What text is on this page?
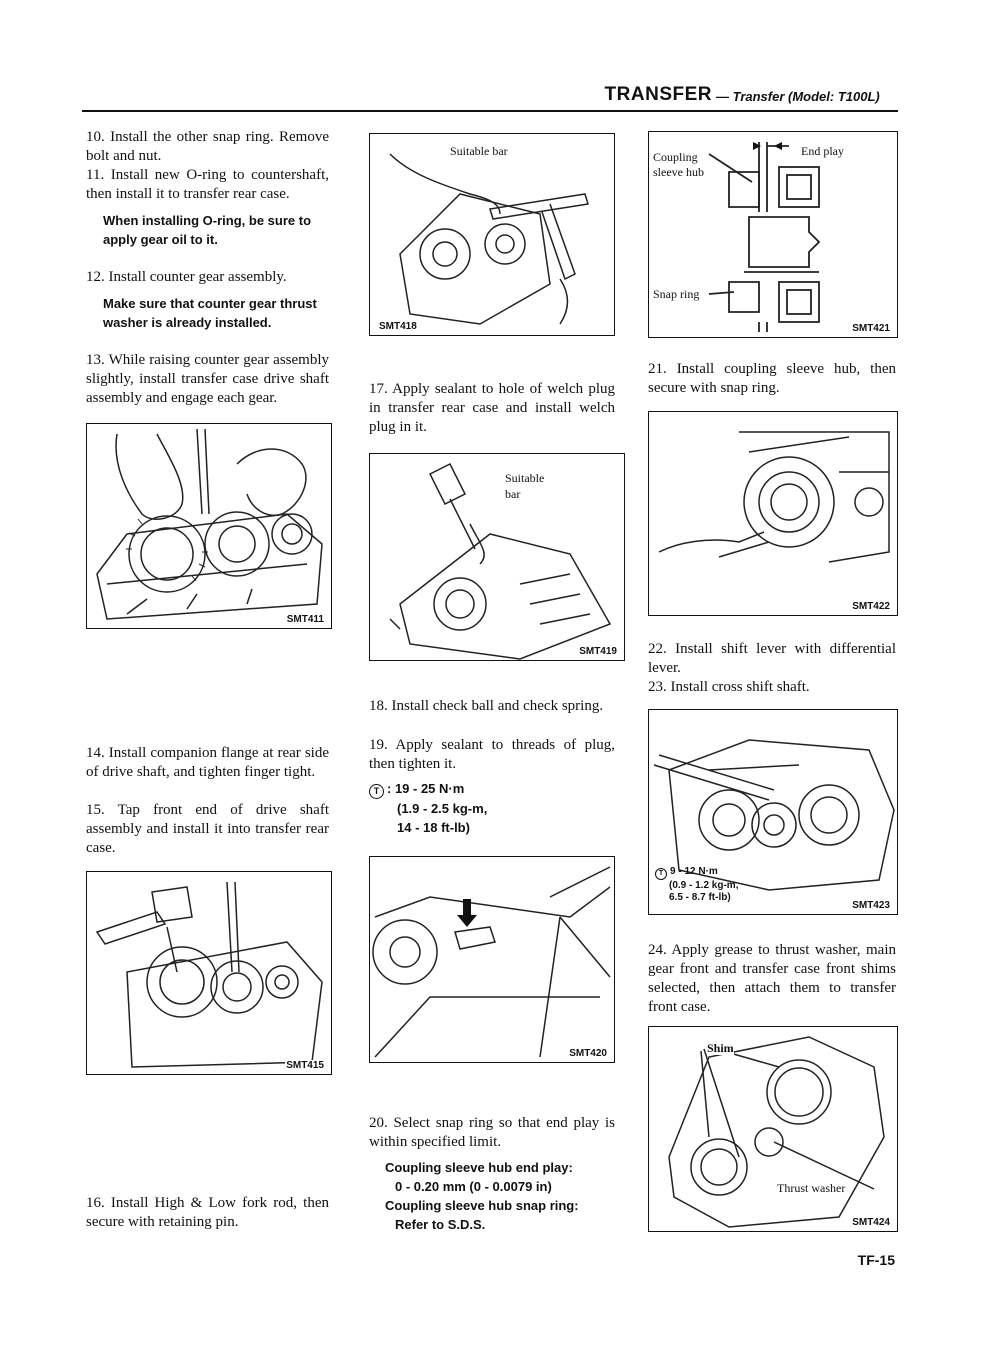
TRANSFER — Transfer (Model: T100L)
10. Install the other snap ring. Remove bolt and nut.
11. Install new O-ring to countershaft, then install it to transfer rear case.
When installing O-ring, be sure to apply gear oil to it.
12. Install counter gear assembly.
Make sure that counter gear thrust washer is already installed.
13. While raising counter gear assembly slightly, install transfer case drive shaft assembly and engage each gear.
SMT411
14. Install companion flange at rear side of drive shaft, and tighten finger tight.
15. Tap front end of drive shaft assembly and install it into transfer rear case.
SMT415
16. Install High & Low fork rod, then secure with retaining pin.
Suitable bar
SMT418
17. Apply sealant to hole of welch plug in transfer rear case and install welch plug in it.
Suitable
bar
SMT419
18. Install check ball and check spring.
19. Apply sealant to threads of plug, then tighten it.
T : 19 - 25 N·m
(1.9 - 2.5 kg-m,
14 - 18 ft-lb)
SMT420
20. Select snap ring so that end play is within specified limit.
Coupling sleeve hub end play:
0 - 0.20 mm (0 - 0.0079 in)
Coupling sleeve hub snap ring:
Refer to S.D.S.
Coupling
sleeve hub
End play
Snap ring
SMT421
21. Install coupling sleeve hub, then secure with snap ring.
SMT422
22. Install shift lever with differential lever.
23. Install cross shift shaft.
T 9 - 12 N·m
(0.9 - 1.2 kg-m,
6.5 - 8.7 ft-lb)
SMT423
24. Apply grease to thrust washer, main gear front and transfer case front shims selected, then attach them to transfer front case.
Shim
Thrust washer
SMT424
TF-15
